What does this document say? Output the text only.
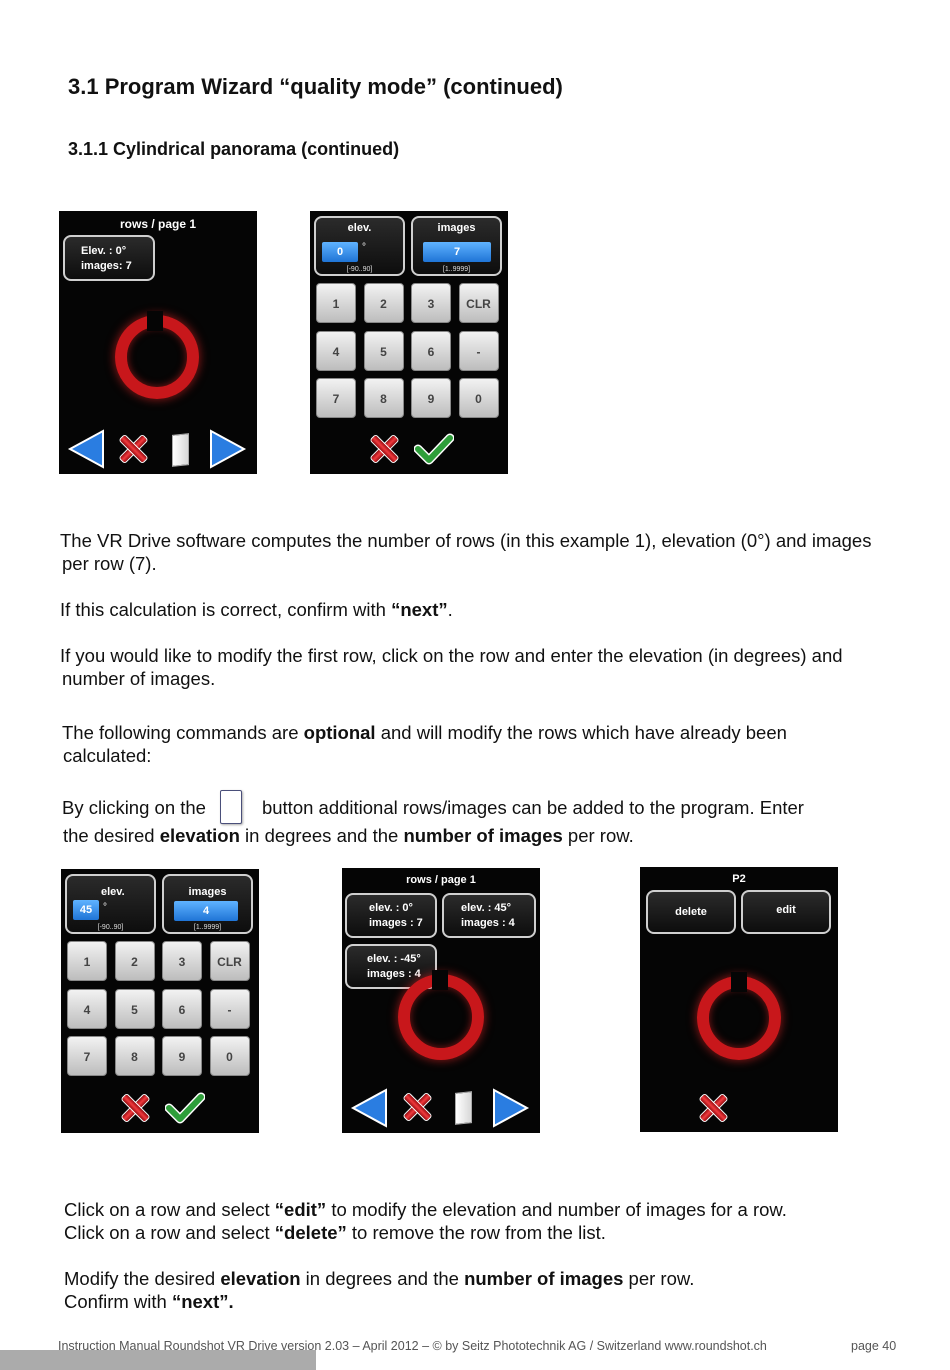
3.1 Program Wizard “quality mode” (continued)
3.1.1 Cylindrical panorama (continued)
rows / page 1
Elev. : 0°
images: 7
elev.
0	°
[-90..90]
images
7
[1..9999]
1	2	3	CLR
4	5	6	-
7	8	9	0
The VR Drive software computes the number of rows (in this example 1), elevation (0°) and images
per row (7).
If this calculation is correct, confirm with “next”.
If you would like to modify the first row, click on the row and enter the elevation (in degrees) and
number of images.
The following commands are optional and will modify the rows which have already been
calculated:
By clicking on the	button additional rows/images can be added to the program. Enter
the desired elevation in degrees and the number of images per row.
elev.
45	°
[-90..90]
images
4
[1..9999]
1	2	3	CLR
4	5	6	-
7	8	9	0
rows / page 1
elev. : 0°
images : 7
elev. : 45°
images : 4
elev. : -45°
images : 4
P2
delete	edit
Click on a row and select “edit” to modify the elevation and number of images for a row.
Click on a row and select “delete” to remove the row from the list.
Modify the desired elevation in degrees and the number of images per row.
Confirm with “next”.
Instruction Manual Roundshot VR Drive version 2.03 – April 2012 – © by Seitz Phototechnik AG / Switzerland www.roundshot.ch	page 40
